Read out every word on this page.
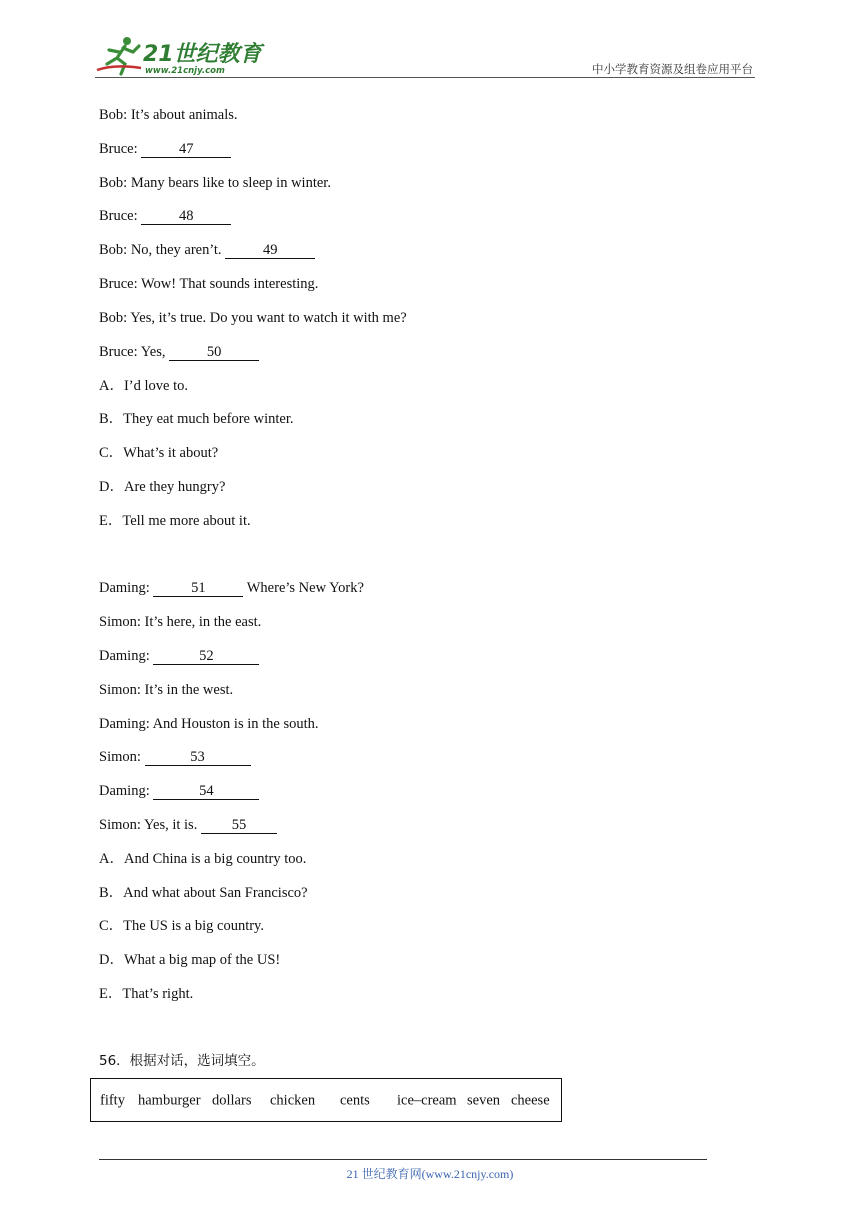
21世纪教育
www.21cnjy.com	中小学教育资源及组卷应用平台
Bob: It’s about animals.
Bruce:	47
Bob: Many bears like to sleep in winter.
Bruce:	48
Bob: No, they aren’t.	49
Bruce: Wow! That sounds interesting.
Bob: Yes, it’s true. Do you want to watch it with me?
Bruce: Yes,	50
A．I’d love to.
B．They eat much before winter.
C．What’s it about?
D．Are they hungry?
E．Tell me more about it.
Daming:	51	Where’s New York?
Simon: It’s here, in the east.
Daming:	52
Simon: It’s in the west.
Daming: And Houston is in the south.
Simon:	53
Daming:	54
Simon: Yes, it is. 55
A．And China is a big country too.
B．And what about San Francisco?
C．The US is a big country.
D．What a big map of the US!
E．That’s right.
56．根据对话，选词填空。
fifty hamburger dollars chicken cents ice–cream seven cheese
21 世纪教育网(www.21cnjy.com)
